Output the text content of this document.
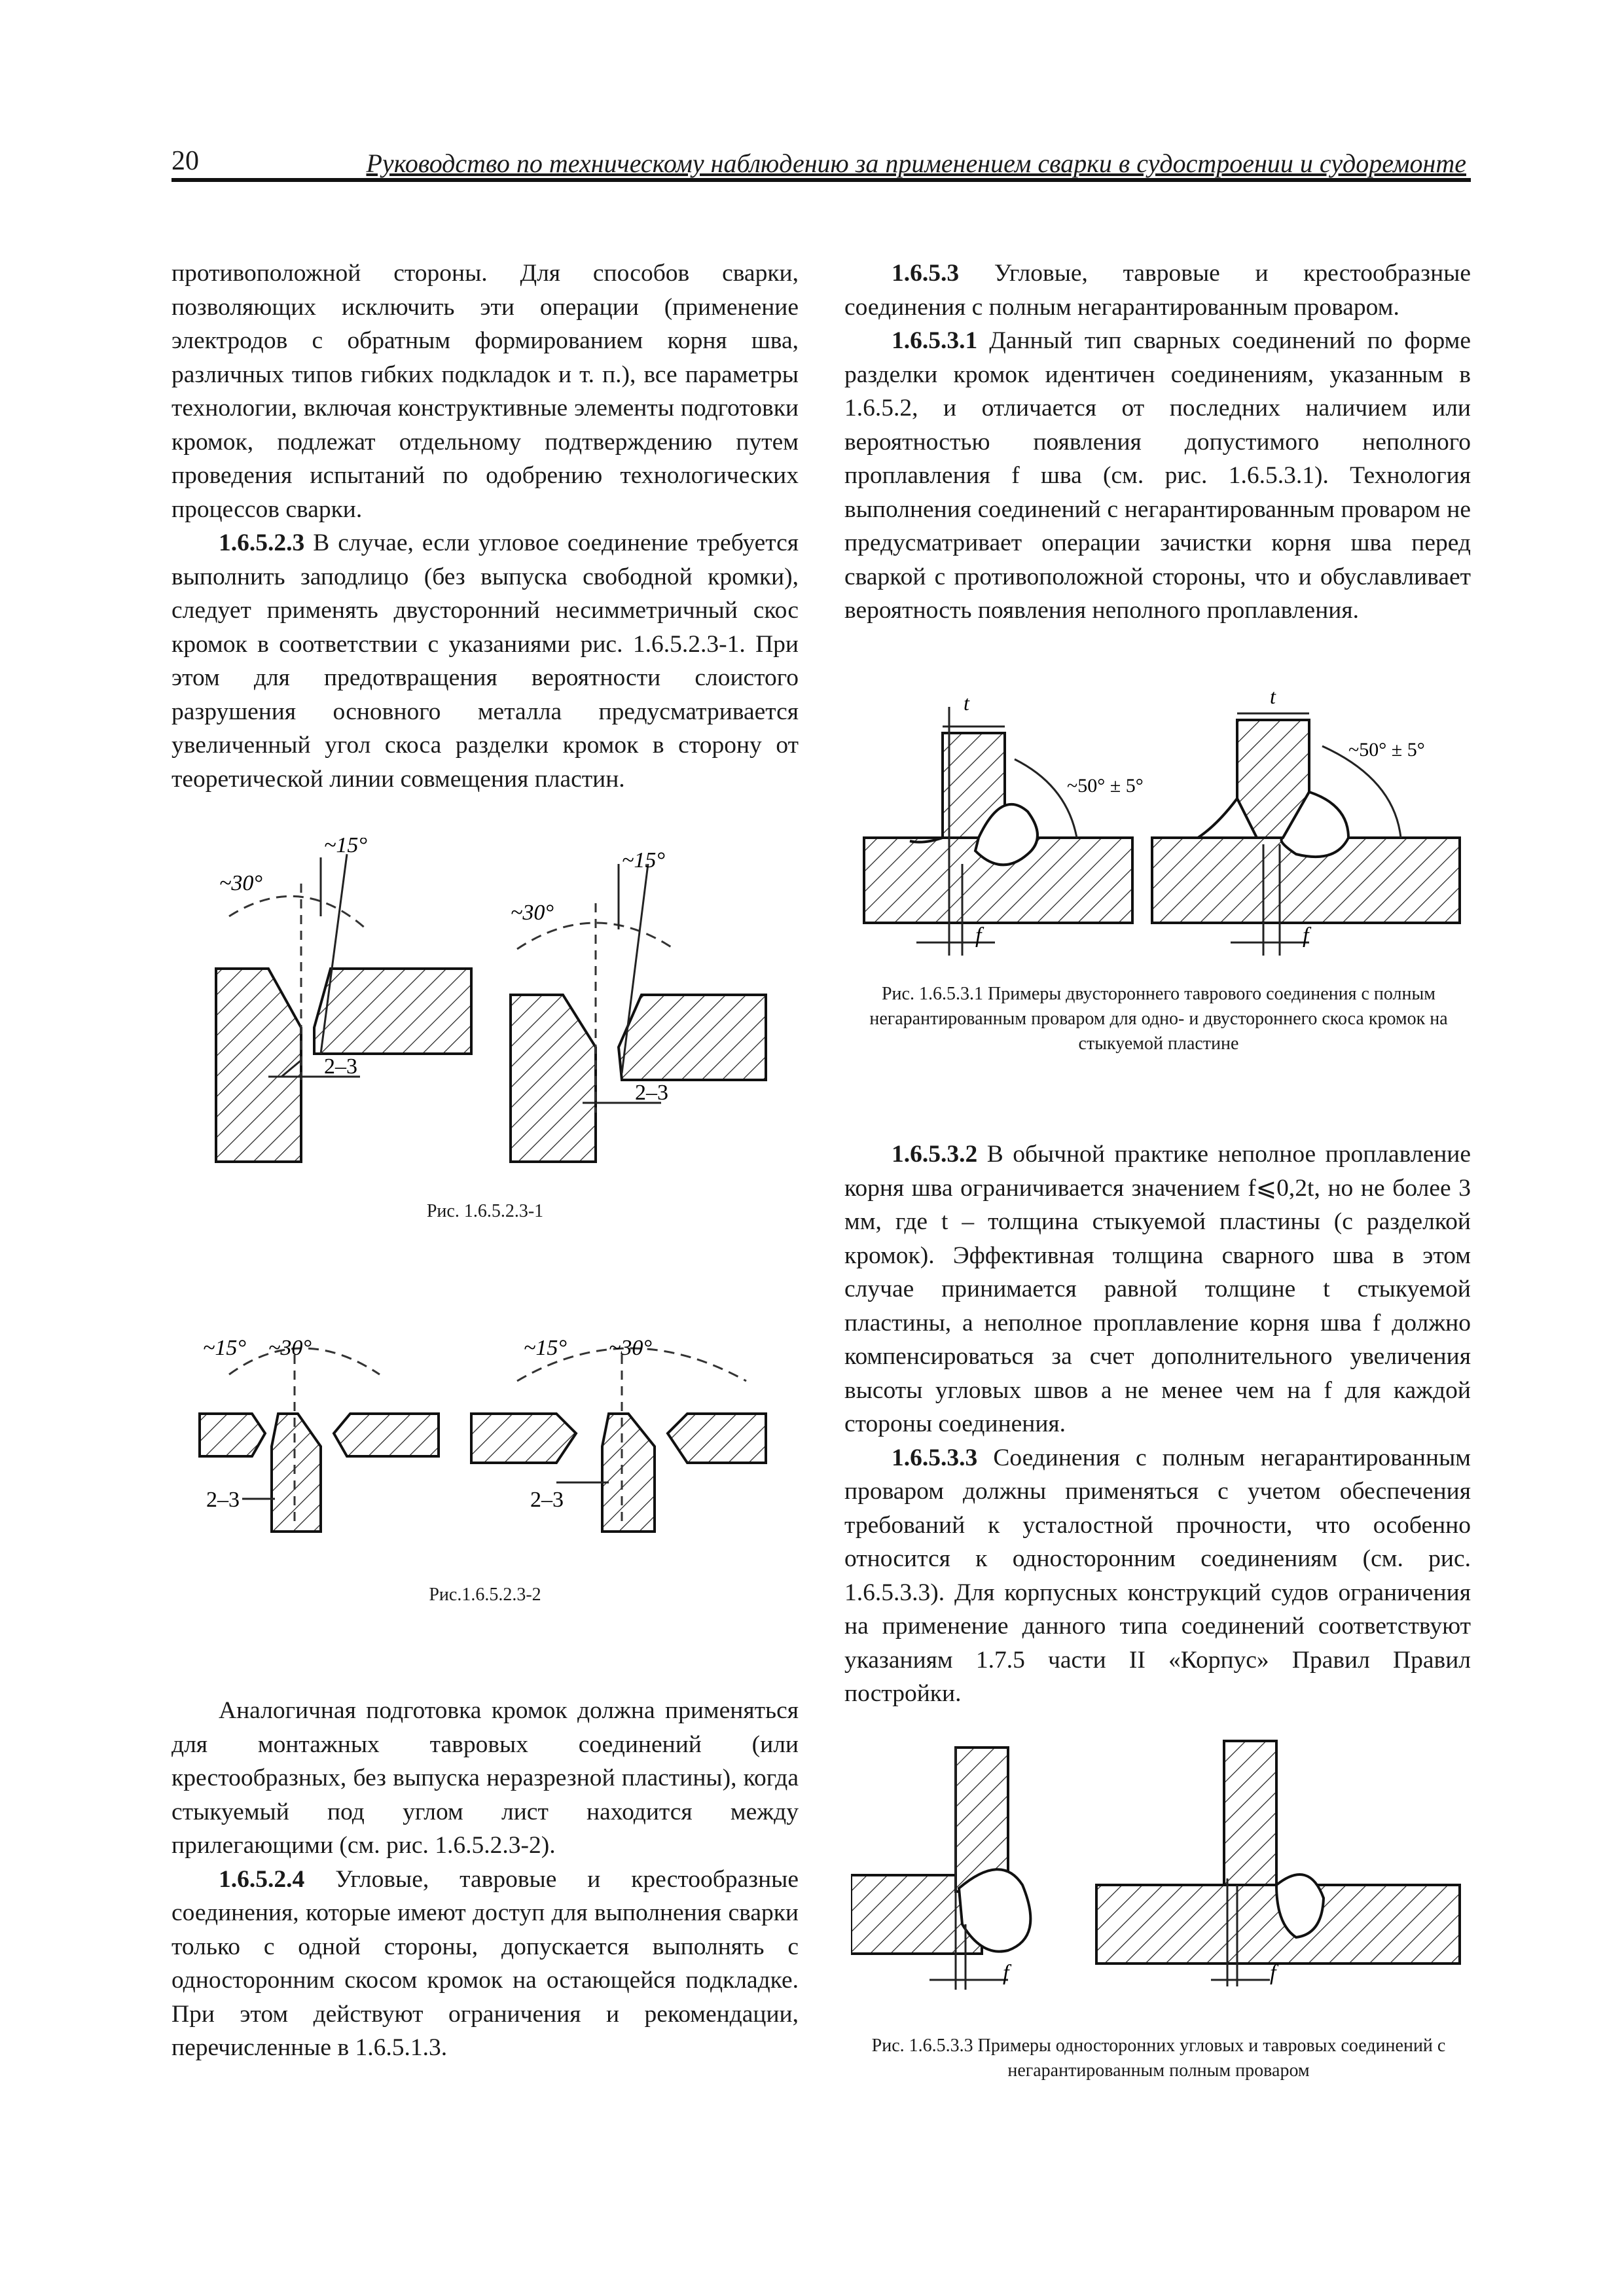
20	Руководство по техническому наблюдению за применением сварки в судостроении и судоремонте

противоположной стороны. Для способов сварки, позволяющих исключить эти операции (применение электродов с обратным формированием корня шва, различных типов гибких подкладок и т. п.), все параметры технологии, включая конструктивные элементы подготовки кромок, подлежат отдельному подтверждению путем проведения испытаний по одобрению технологических процессов сварки.

1.6.5.2.3 В случае, если угловое соединение требуется выполнить заподлицо (без выпуска свободной кромки), следует применять двусторонний несимметричный скос кромок в соответствии с указаниями рис. 1.6.5.2.3-1. При этом для предотвращения вероятности слоистого разрушения основного металла предусматривается увеличенный угол скоса разделки кромок в сторону от теоретической линии совмещения пластин.

~30°
~15°
2–3
~30°
~15°
2–3
Рис. 1.6.5.2.3-1
~15° ~30°
2–3
~15° ~30°
2–3
Рис.1.6.5.2.3-2

Аналогичная подготовка кромок должна применяться для монтажных тавровых соединений (или крестообразных, без выпуска неразрезной пластины), когда стыкуемый под углом лист находится между прилегающими (см. рис. 1.6.5.2.3-2).

1.6.5.2.4 Угловые, тавровые и крестообразные соединения, которые имеют доступ для выполнения сварки только с одной стороны, допускается выполнять с односторонним скосом кромок на остающейся подкладке. При этом действуют ограничения и рекомендации, перечисленные в 1.6.5.1.3.

1.6.5.3 Угловые, тавровые и крестообразные соединения с полным негарантированным проваром.

1.6.5.3.1 Данный тип сварных соединений по форме разделки кромок идентичен соединениям, указанным в 1.6.5.2, и отличается от последних наличием или вероятностью появления допустимого неполного проплавления f шва (см. рис. 1.6.5.3.1). Технология выполнения соединений с негарантированным проваром не предусматривает операции зачистки корня шва перед сваркой с противоположной стороны, что и обуславливает вероятность появления неполного проплавления.

t
~50° ± 5°
f
t
~50° ± 5°
f
Рис. 1.6.5.3.1 Примеры двустороннего таврового соединения с полным негарантированным проваром для одно- и двустороннего скоса кромок на стыкуемой пластине

1.6.5.3.2 В обычной практике неполное проплавление корня шва ограничивается значением f⩽0,2t, но не более 3 мм, где t – толщина стыкуемой пластины (с разделкой кромок). Эффективная толщина сварного шва в этом случае принимается равной толщине t стыкуемой пластины, а неполное проплавление корня шва f должно компенсироваться за счет дополнительного увеличения высоты угловых швов a не менее чем на f для каждой стороны соединения.

1.6.5.3.3 Соединения с полным негарантированным проваром должны применяться с учетом обеспечения требований к усталостной прочности, что особенно относится к односторонним соединениям (см. рис. 1.6.5.3.3). Для корпусных конструкций судов ограничения на применение данного типа соединений соответствуют указаниям 1.7.5 части II «Корпус» Правил Правил постройки.

f	f
Рис. 1.6.5.3.3 Примеры односторонних угловых и тавровых соединений с негарантированным полным проваром
